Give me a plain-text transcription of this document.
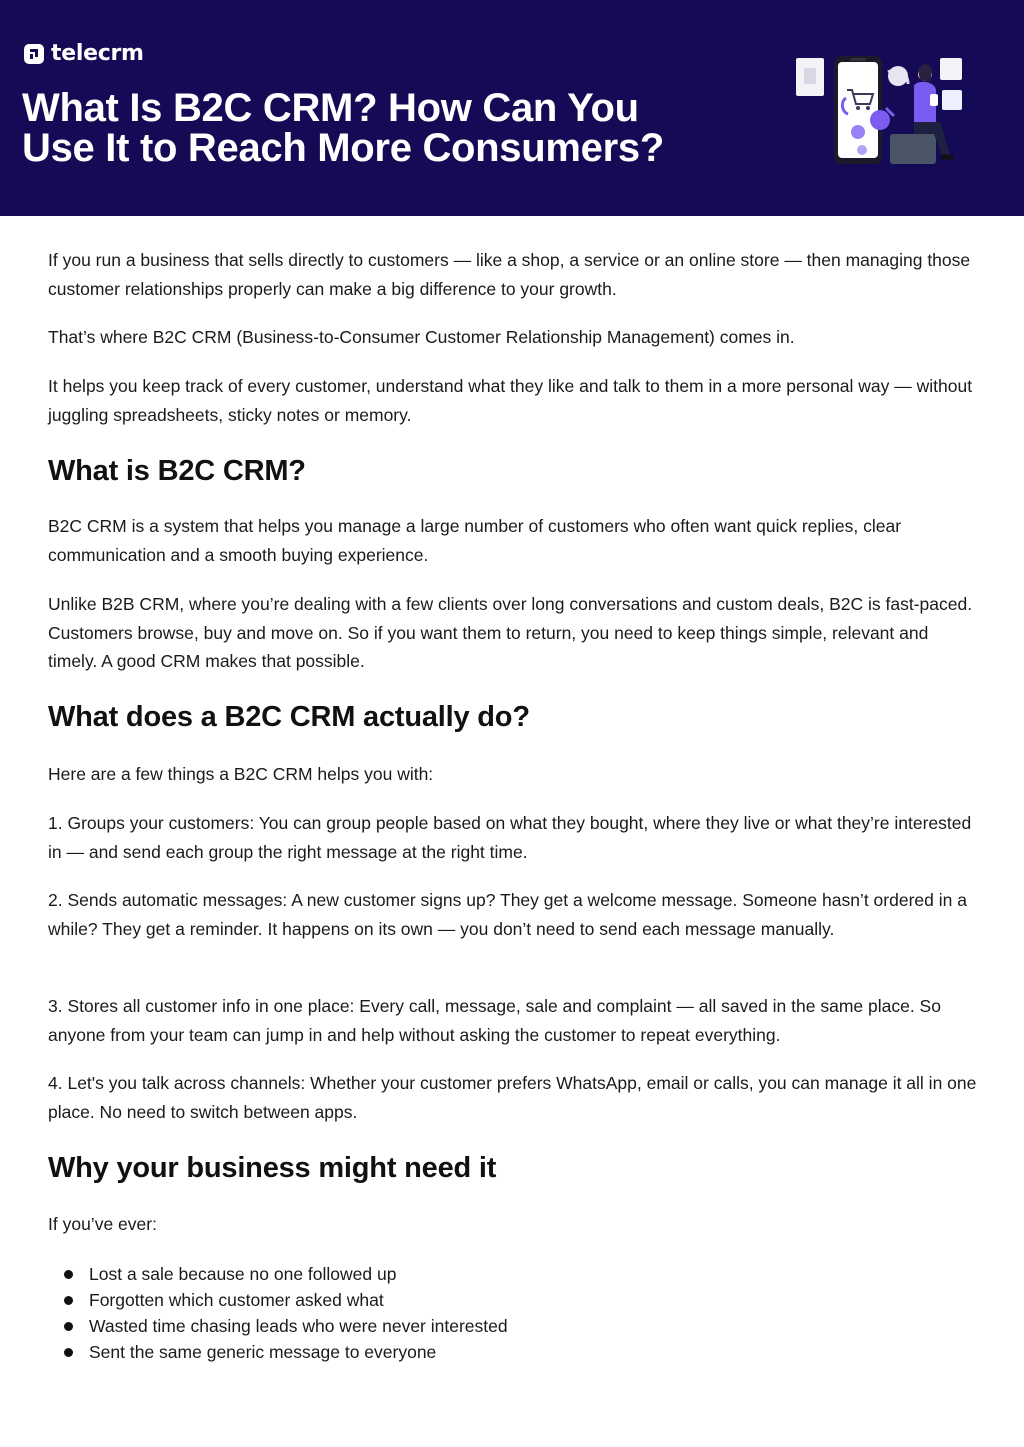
telecrm
What Is B2C CRM? How Can You
Use It to Reach More Consumers?

If you run a business that sells directly to customers — like a shop, a service or an online store — then managing those customer relationships properly can make a big difference to your growth.

That’s where B2C CRM (Business-to-Consumer Customer Relationship Management) comes in.

It helps you keep track of every customer, understand what they like and talk to them in a more personal way — without juggling spreadsheets, sticky notes or memory.

What is B2C CRM?

B2C CRM is a system that helps you manage a large number of customers who often want quick replies, clear communication and a smooth buying experience.

Unlike B2B CRM, where you’re dealing with a few clients over long conversations and custom deals, B2C is fast-paced. Customers browse, buy and move on. So if you want them to return, you need to keep things simple, relevant and timely. A good CRM makes that possible.

What does a B2C CRM actually do?

Here are a few things a B2C CRM helps you with:

1. Groups your customers: You can group people based on what they bought, where they live or what they’re interested in — and send each group the right message at the right time.

2. Sends automatic messages: A new customer signs up? They get a welcome message. Someone hasn’t ordered in a while? They get a reminder. It happens on its own — you don’t need to send each message manually.

3. Stores all customer info in one place: Every call, message, sale and complaint — all saved in the same place. So anyone from your team can jump in and help without asking the customer to repeat everything.

4. Let's you talk across channels: Whether your customer prefers WhatsApp, email or calls, you can manage it all in one place. No need to switch between apps.

Why your business might need it

If you’ve ever:

Lost a sale because no one followed up
Forgotten which customer asked what
Wasted time chasing leads who were never interested
Sent the same generic message to everyone
